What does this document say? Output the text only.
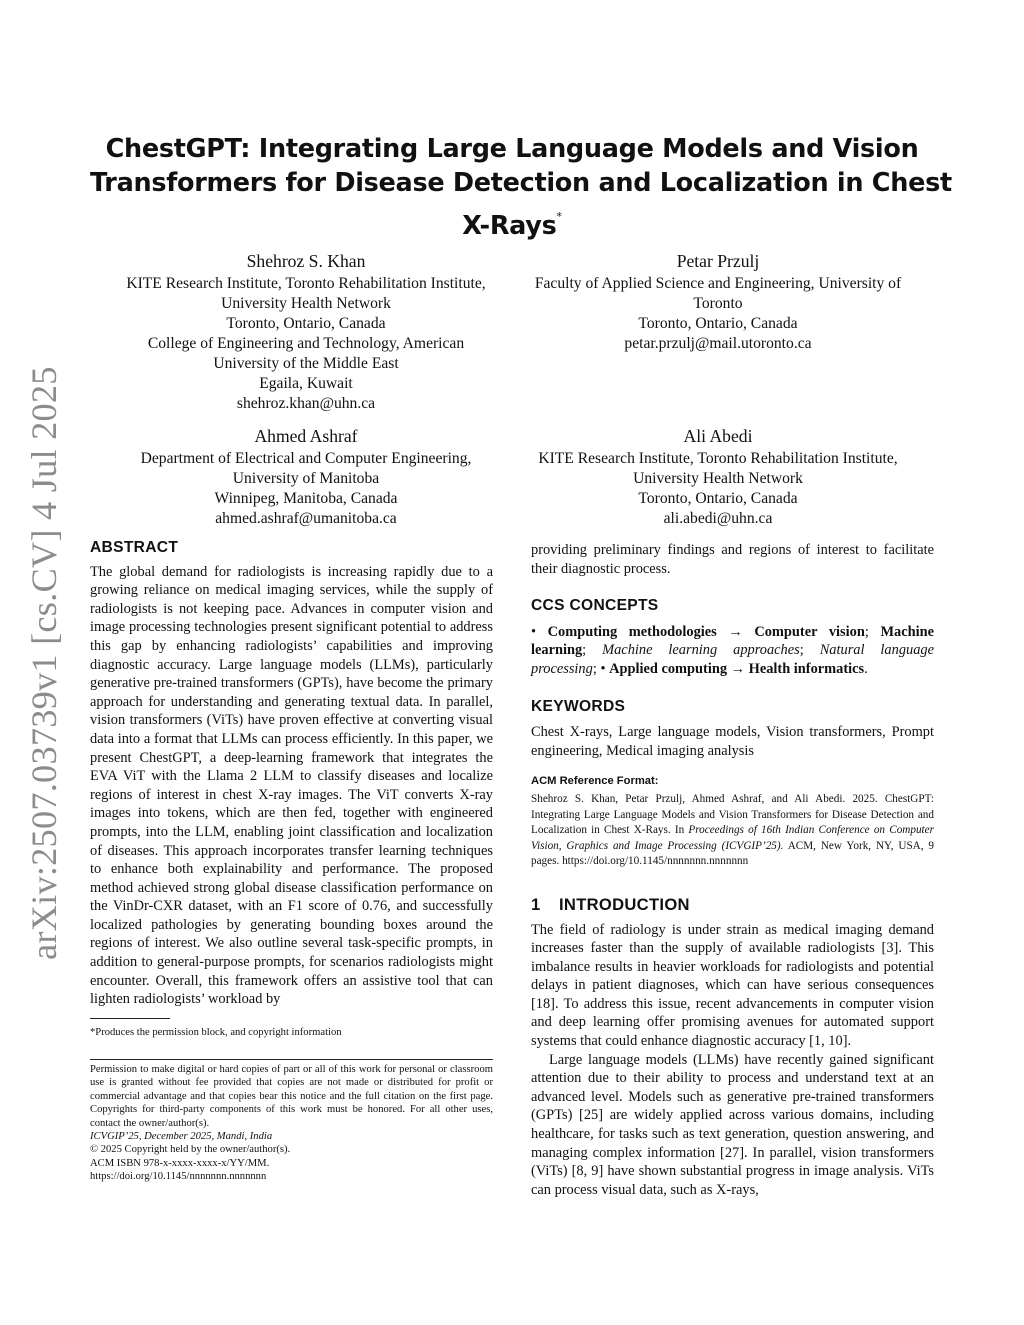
arXiv:2507.03739v1 [cs.CV] 4 Jul 2025
ChestGPT: Integrating Large Language Models and Vision
Transformers for Disease Detection and Localization in Chest
X-Rays*
Shehroz S. Khan
KITE Research Institute, Toronto Rehabilitation Institute,
University Health Network
Toronto, Ontario, Canada
College of Engineering and Technology, American
University of the Middle East
Egaila, Kuwait
shehroz.khan@uhn.ca
Petar Przulj
Faculty of Applied Science and Engineering, University of
Toronto
Toronto, Ontario, Canada
petar.przulj@mail.utoronto.ca
Ahmed Ashraf
Department of Electrical and Computer Engineering,
University of Manitoba
Winnipeg, Manitoba, Canada
ahmed.ashraf@umanitoba.ca
Ali Abedi
KITE Research Institute, Toronto Rehabilitation Institute,
University Health Network
Toronto, Ontario, Canada
ali.abedi@uhn.ca
ABSTRACT

The global demand for radiologists is increasing rapidly due to a growing reliance on medical imaging services, while the supply of radiologists is not keeping pace. Advances in computer vision and image processing technologies present significant potential to address this gap by enhancing radiologists’ capabilities and improving diagnostic accuracy. Large language models (LLMs), particularly generative pre-trained transformers (GPTs), have become the primary approach for understanding and generating textual data. In parallel, vision transformers (ViTs) have proven effective at converting visual data into a format that LLMs can process efficiently. In this paper, we present ChestGPT, a deep-learning framework that integrates the EVA ViT with the Llama 2 LLM to classify diseases and localize regions of interest in chest X-ray images. The ViT converts X-ray images into tokens, which are then fed, together with engineered prompts, into the LLM, enabling joint classification and localization of diseases. This approach incorporates transfer learning techniques to enhance both explainability and performance. The proposed method achieved strong global disease classification performance on the VinDr-CXR dataset, with an F1 score of 0.76, and successfully localized pathologies by generating bounding boxes around the regions of interest. We also outline several task-specific prompts, in addition to general-purpose prompts, for scenarios radiologists might encounter. Overall, this framework offers an assistive tool that can lighten radiologists’ workload by

*Produces the permission block, and copyright information

Permission to make digital or hard copies of part or all of this work for personal or classroom use is granted without fee provided that copies are not made or distributed for profit or commercial advantage and that copies bear this notice and the full citation on the first page. Copyrights for third-party components of this work must be honored. For all other uses, contact the owner/author(s).

ICVGIP’25, December 2025, Mandi, India

© 2025 Copyright held by the owner/author(s).

ACM ISBN 978-x-xxxx-xxxx-x/YY/MM.

https://doi.org/10.1145/nnnnnnn.nnnnnnn

providing preliminary findings and regions of interest to facilitate their diagnostic process.

CCS CONCEPTS

• Computing methodologies → Computer vision; Machine learning; Machine learning approaches; Natural language processing; • Applied computing → Health informatics.

KEYWORDS

Chest X-rays, Large language models, Vision transformers, Prompt engineering, Medical imaging analysis

ACM Reference Format:

Shehroz S. Khan, Petar Przulj, Ahmed Ashraf, and Ali Abedi. 2025. ChestGPT: Integrating Large Language Models and Vision Transformers for Disease Detection and Localization in Chest X-Rays. In Proceedings of 16th Indian Conference on Computer Vision, Graphics and Image Processing (ICVGIP’25). ACM, New York, NY, USA, 9 pages. https://doi.org/10.1145/nnnnnnn.nnnnnnn

1 INTRODUCTION

The field of radiology is under strain as medical imaging demand increases faster than the supply of available radiologists [3]. This imbalance results in heavier workloads for radiologists and potential delays in patient diagnoses, which can have serious consequences [18]. To address this issue, recent advancements in computer vision and deep learning offer promising avenues for automated support systems that could enhance diagnostic accuracy [1, 10].

Large language models (LLMs) have recently gained significant attention due to their ability to process and understand text at an advanced level. Models such as generative pre-trained transformers (GPTs) [25] are widely applied across various domains, including healthcare, for tasks such as text generation, question answering, and managing complex information [27]. In parallel, vision transformers (ViTs) [8, 9] have shown substantial progress in image analysis. ViTs can process visual data, such as X-rays,
